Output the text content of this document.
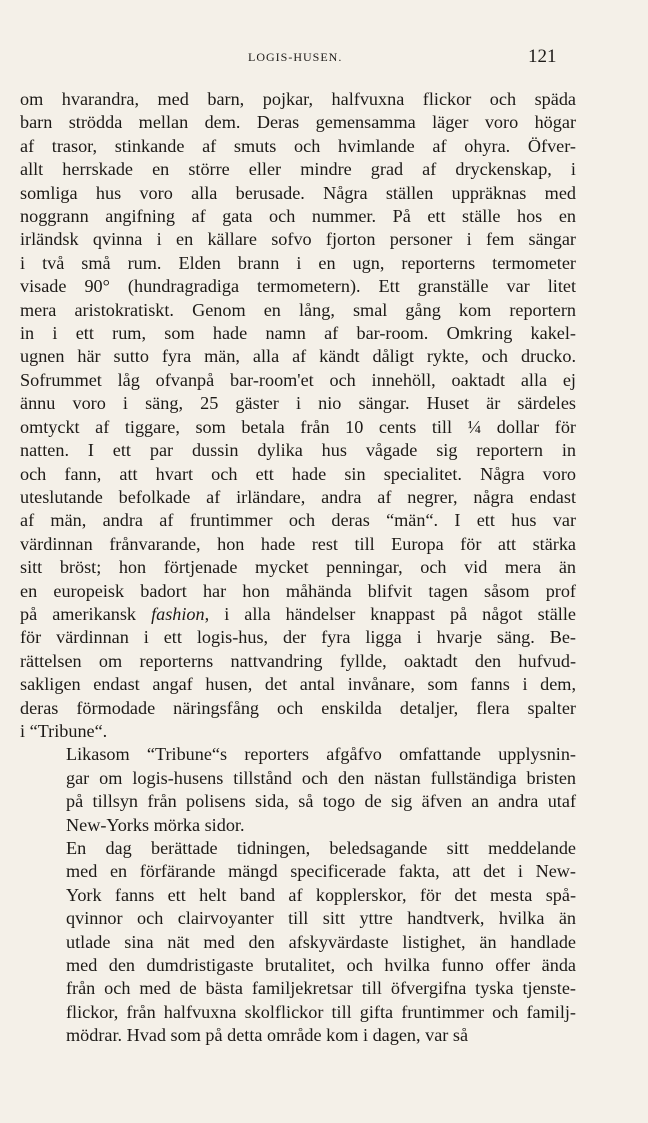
LOGIS-HUSEN.	121

om hvarandra, med barn, pojkar, halfvuxna flickor och späda
barn strödda mellan dem. Deras gemensamma läger voro högar
af trasor, stinkande af smuts och hvimlande af ohyra. Öfver-
allt herrskade en större eller mindre grad af dryckenskap, i
somliga hus voro alla berusade. Några ställen uppräknas med
noggrann angifning af gata och nummer. På ett ställe hos en
irländsk qvinna i en källare sofvo fjorton personer i fem sängar
i två små rum. Elden brann i en ugn, reporterns termometer
visade 90° (hundragradiga termometern). Ett granställe var litet
mera aristokratiskt. Genom en lång, smal gång kom reportern
in i ett rum, som hade namn af bar-room. Omkring kakel-
ugnen här sutto fyra män, alla af kändt dåligt rykte, och drucko.
Sofrummet låg ofvanpå bar-room'et och innehöll, oaktadt alla ej
ännu voro i säng, 25 gäster i nio sängar. Huset är särdeles
omtyckt af tiggare, som betala från 10 cents till ¼ dollar för
natten. I ett par dussin dylika hus vågade sig reportern in
och fann, att hvart och ett hade sin specialitet. Några voro
uteslutande befolkade af irländare, andra af negrer, några endast
af män, andra af fruntimmer och deras “män“. I ett hus var
värdinnan frånvarande, hon hade rest till Europa för att stärka
sitt bröst; hon förtjenade mycket penningar, och vid mera än
en europeisk badort har hon måhända blifvit tagen såsom prof
på amerikansk fashion, i alla händelser knappast på något ställe
för värdinnan i ett logis-hus, der fyra ligga i hvarje säng. Be-
rättelsen om reporterns nattvandring fyllde, oaktadt den hufvud-
sakligen endast angaf husen, det antal invånare, som fanns i dem,
deras förmodade näringsfång och enskilda detaljer, flera spalter
i “Tribune“.

Likasom “Tribune“s reporters afgåfvo omfattande upplysnin-
gar om logis-husens tillstånd och den nästan fullständiga bristen
på tillsyn från polisens sida, så togo de sig äfven an andra utaf
New-Yorks mörka sidor.

En dag berättade tidningen, beledsagande sitt meddelande
med en förfärande mängd specificerade fakta, att det i New-
York fanns ett helt band af kopplerskor, för det mesta spå-
qvinnor och clairvoyanter till sitt yttre handtverk, hvilka än
utlade sina nät med den afskyvärdaste listighet, än handlade
med den dumdristigaste brutalitet, och hvilka funno offer ända
från och med de bästa familjekretsar till öfvergifna tyska tjenste-
flickor, från halfvuxna skolflickor till gifta fruntimmer och familj-
mödrar. Hvad som på detta område kom i dagen, var så
